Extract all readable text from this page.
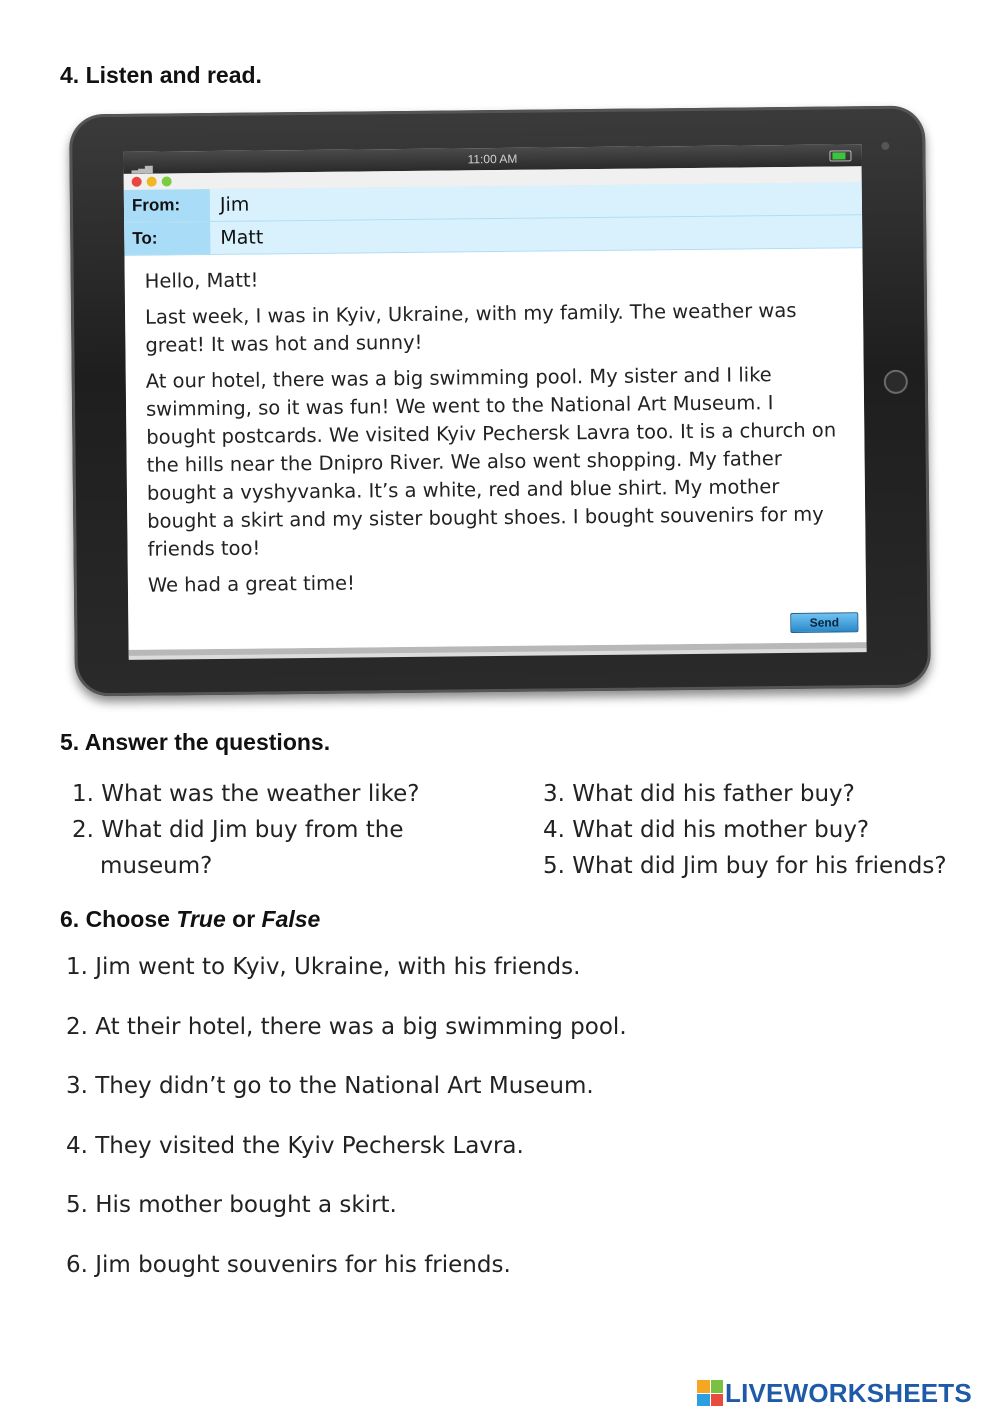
4. Listen and read.
▂▃▅
11:00 AM
From:	Jim
To:	Matt

Hello, Matt!

Last week, I was in Kyiv, Ukraine, with my family. The weather was great! It was hot and sunny!

At our hotel, there was a big swimming pool. My sister and I like swimming, so it was fun! We went to the National Art Museum. I bought postcards. We visited Kyiv Pechersk Lavra too. It is a church on the hills near the Dnipro River. We also went shopping. My father bought a vyshyvanka. It’s a white, red and blue shirt. My mother bought a skirt and my sister bought shoes. I bought souvenirs for my friends too!

We had a great time!

Send
5. Answer the questions.
1. What was the weather like?
2. What did Jim buy from the museum?
3. What did his father buy?
4. What did his mother buy?
5. What did Jim buy for his friends?
6. Choose True or False
1. Jim went to Kyiv, Ukraine, with his friends.
2. At their hotel, there was a big swimming pool.
3. They didn’t go to the National Art Museum.
4. They visited the Kyiv Pechersk Lavra.
5. His mother bought a skirt.
6. Jim bought souvenirs for his friends.
LIVEWORKSHEETS
